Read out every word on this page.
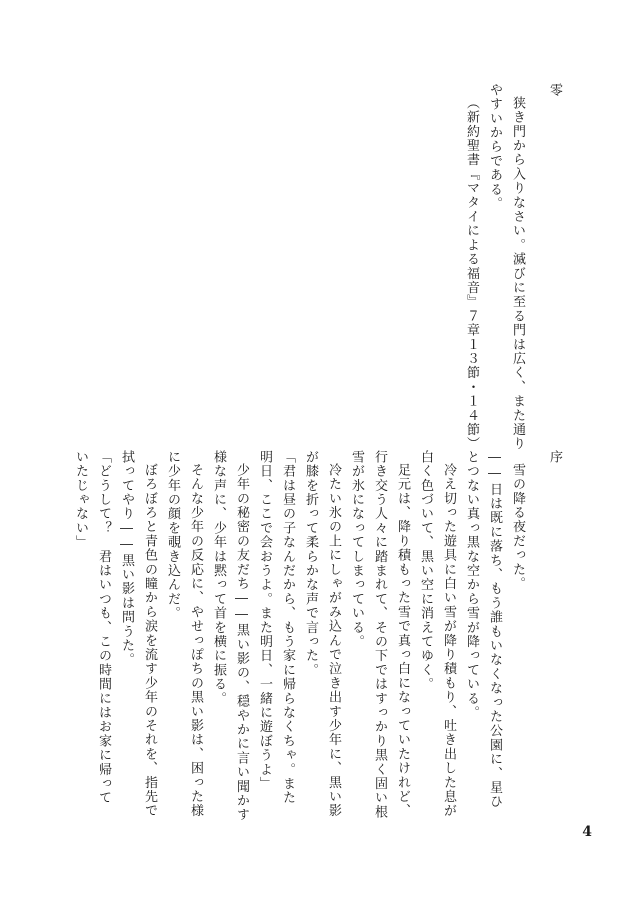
零

狭き門から入りなさい。滅びに至る門は広く、また通り

やすいからである。

（新約聖書『マタイによる福音』７章１３節・１４節）

序

雪の降る夜だった。

――日は既に落ち、もう誰もいなくなった公園に、星ひ

とつない真っ黒な空から雪が降っている。

冷え切った遊具に白い雪が降り積もり、吐き出した息が

白く色づいて、黒い空に消えてゆく。

足元は、降り積もった雪で真っ白になっていたけれど、

行き交う人々に踏まれて、その下ではすっかり黒く固い根

雪が氷になってしまっている。

冷たい氷の上にしゃがみ込んで泣き出す少年に、黒い影

が膝を折って柔らかな声で言った。

「君は昼の子なんだから、もう家に帰らなくちゃ。また

明日、ここで会おうよ。また明日、一緒に遊ぼうよ」

少年の秘密の友だち――黒い影の、穏やかに言い聞かす

様な声に、少年は黙って首を横に振る。

そんな少年の反応に、やせっぽちの黒い影は、困った様

に少年の顔を覗き込んだ。

ぼろぼろと青色の瞳から涙を流す少年のそれを、指先で

拭ってやり――黒い影は問うた。

「どうして？　君はいつも、この時間にはお家に帰って

いたじゃない」

4
